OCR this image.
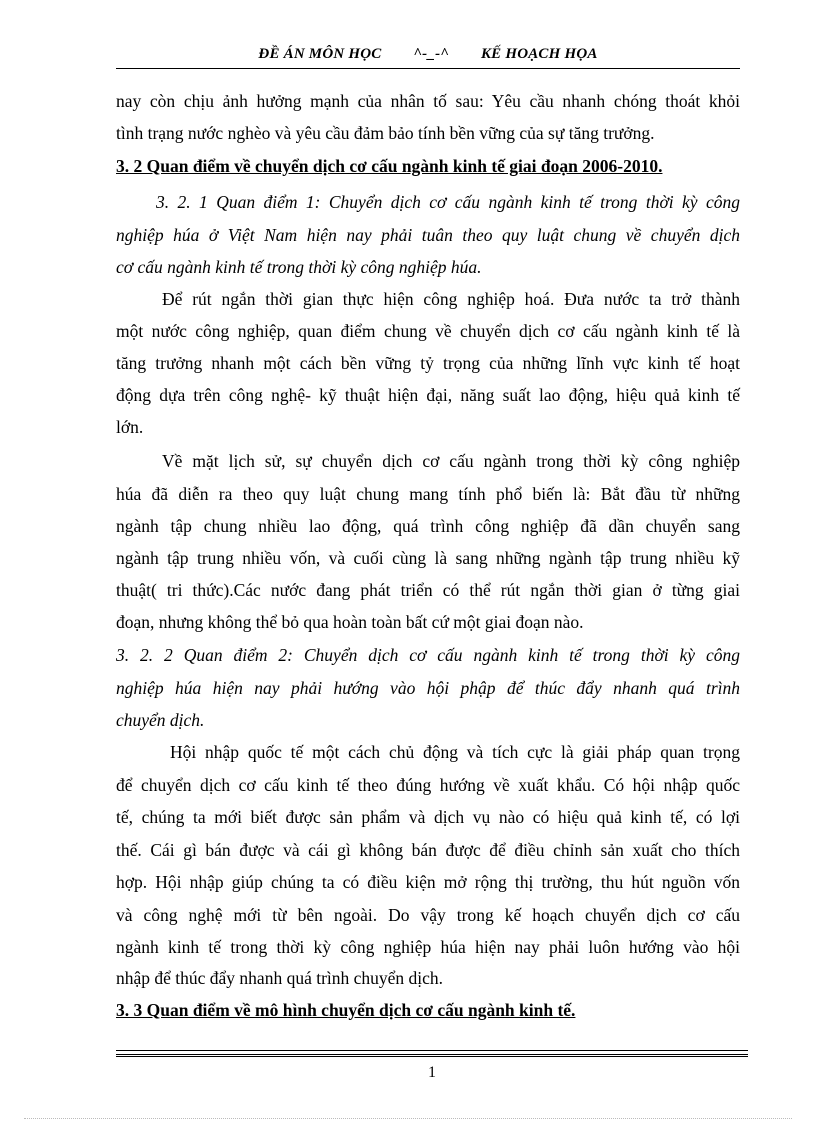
ĐỀ ÁN MÔN HỌC ^-_-^ KẾ HOẠCH HỌA
nay còn chịu ảnh hưởng mạnh của nhân tố sau: Yêu cầu nhanh chóng thoát khỏi
tình trạng nước nghèo và yêu cầu đảm bảo tính bền vững của sự tăng trưởng.
3. 2 Quan điểm về chuyển dịch cơ cấu ngành kinh tế giai đoạn 2006-2010.
3. 2. 1 Quan điểm 1: Chuyển dịch cơ cấu ngành kinh tế trong thời kỳ công
nghiệp húa ở Việt Nam hiện nay phải tuân theo quy luật chung về chuyển dịch
cơ cấu ngành kinh tế trong thời kỳ công nghiệp húa.
Để rút ngắn thời gian thực hiện công nghiệp hoá. Đưa nước ta trở thành
một nước công nghiệp, quan điểm chung về chuyển dịch cơ cấu ngành kinh tế là
tăng trưởng nhanh một cách bền vững tỷ trọng của những lĩnh vực kinh tế hoạt
động dựa trên công nghệ- kỹ thuật hiện đại, năng suất lao động, hiệu quả kinh tế
lớn.
Về mặt lịch sử, sự chuyển dịch cơ cấu ngành trong thời kỳ công nghiệp
húa đã diễn ra theo quy luật chung mang tính phổ biến là: Bắt đầu từ những
ngành tập chung nhiều lao động, quá trình công nghiệp đã dần chuyển sang
ngành tập trung nhiều vốn, và cuối cùng là sang những ngành tập trung nhiều kỹ
thuật( tri thức).Các nước đang phát triển có thể rút ngắn thời gian ở từng giai
đoạn, nhưng không thể bỏ qua hoàn toàn bất cứ một giai đoạn nào.
3. 2. 2 Quan điểm 2: Chuyển dịch cơ cấu ngành kinh tế trong thời kỳ công
nghiệp húa hiện nay phải hướng vào hội phập để thúc đẩy nhanh quá trình
chuyển dịch.
Hội nhập quốc tế một cách chủ động và tích cực là giải pháp quan trọng
để chuyển dịch cơ cấu kinh tế theo đúng hướng về xuất khẩu. Có hội nhập quốc
tế, chúng ta mới biết được sản phẩm và dịch vụ nào có hiệu quả kinh tế, có lợi
thế. Cái gì bán được và cái gì không bán được để điều chỉnh sản xuất cho thích
hợp. Hội nhập giúp chúng ta có điều kiện mở rộng thị trường, thu hút nguồn vốn
và công nghệ mới từ bên ngoài. Do vậy trong kế hoạch chuyển dịch cơ cấu
ngành kinh tế trong thời kỳ công nghiệp húa hiện nay phải luôn hướng vào hội
nhập để thúc đẩy nhanh quá trình chuyển dịch.
3. 3 Quan điểm về mô hình chuyển dịch cơ cấu ngành kinh tế.
1
